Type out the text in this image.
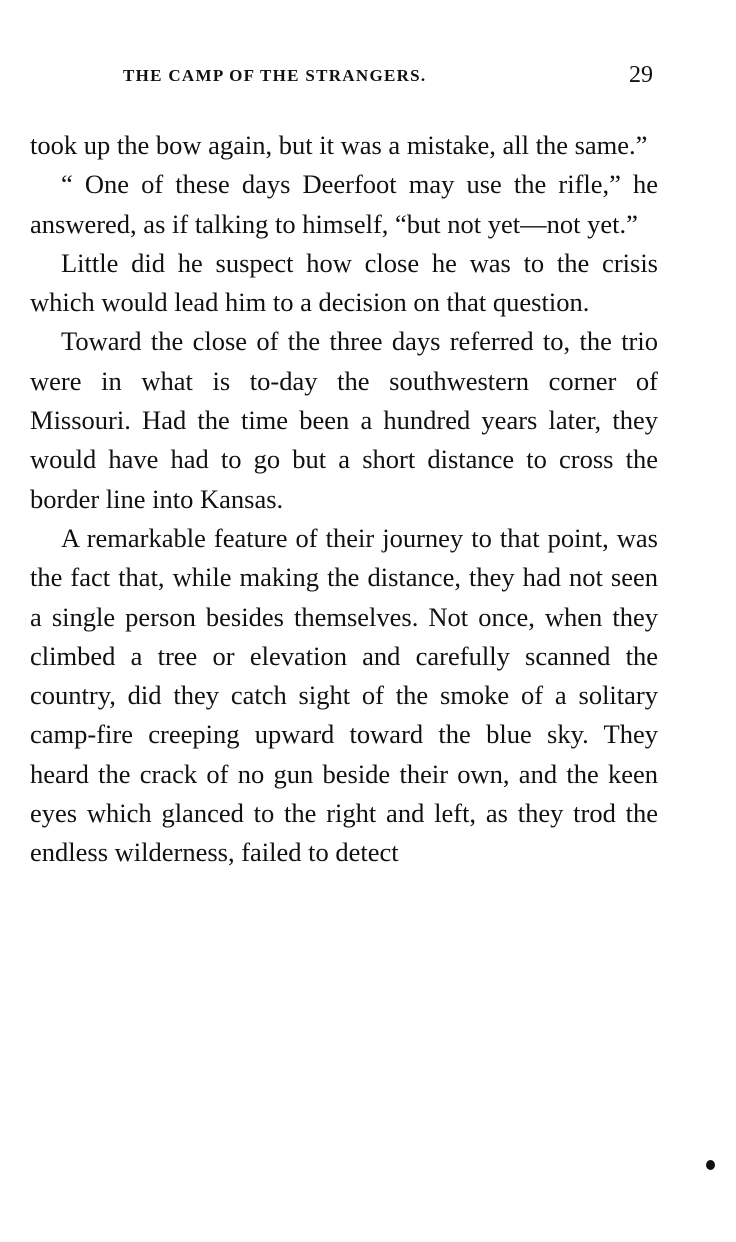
THE CAMP OF THE STRANGERS.	29

took up the bow again, but it was a mistake, all the same.”

“ One of these days Deerfoot may use the rifle,” he answered, as if talking to himself, “but not yet—not yet.”

Little did he suspect how close he was to the crisis which would lead him to a decision on that question.

Toward the close of the three days referred to, the trio were in what is to-day the southwestern corner of Missouri. Had the time been a hundred years later, they would have had to go but a short distance to cross the border line into Kansas.

A remarkable feature of their journey to that point, was the fact that, while making the distance, they had not seen a single person besides themselves. Not once, when they climbed a tree or elevation and carefully scanned the country, did they catch sight of the smoke of a solitary camp-fire creeping upward toward the blue sky. They heard the crack of no gun beside their own, and the keen eyes which glanced to the right and left, as they trod the endless wilderness, failed to detect
